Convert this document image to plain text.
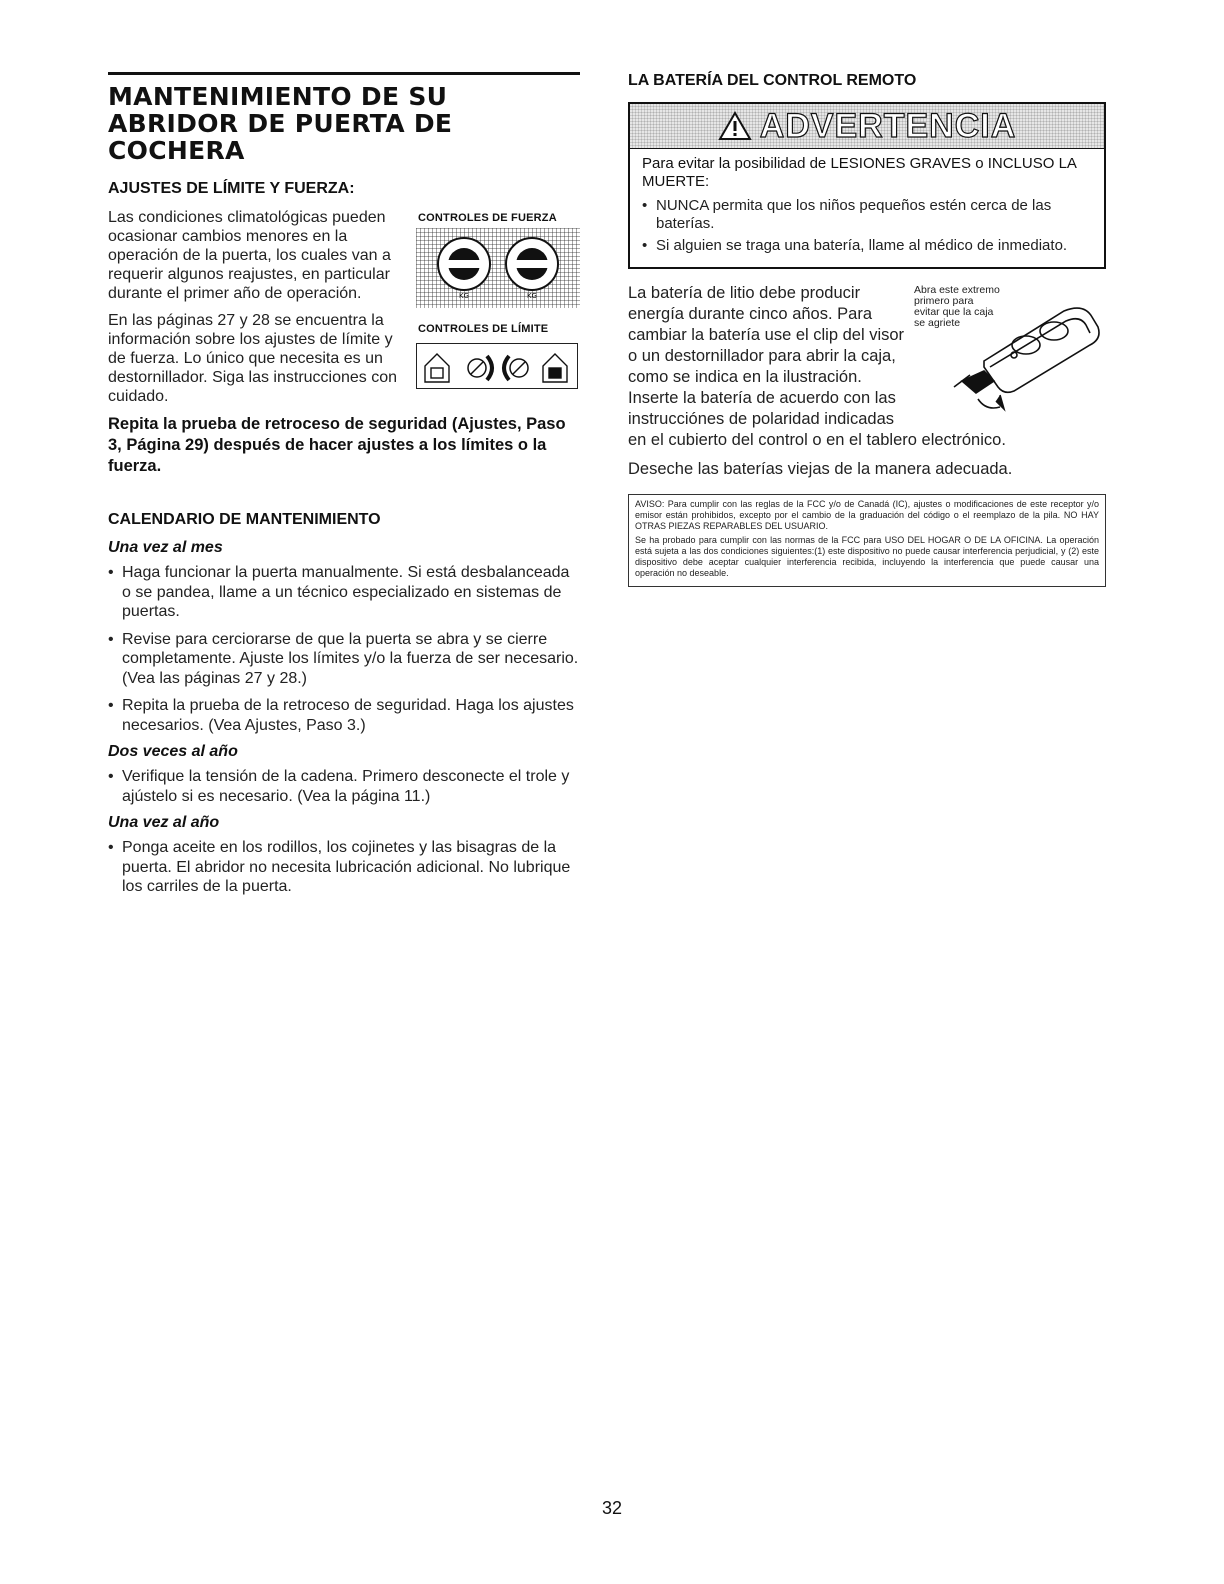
MANTENIMIENTO DE SU ABRIDOR DE PUERTA DE COCHERA
AJUSTES DE LÍMITE Y FUERZA:
CONTROLES DE FUERZA
KG	KG
CONTROLES DE LÍMITE

Las condiciones climatológicas pueden ocasionar cambios menores en la operación de la puerta, los cuales van a requerir algunos reajustes, en particular durante el primer año de operación.

En las páginas 27 y 28 se encuentra la información sobre los ajustes de límite y de fuerza. Lo único que necesita es un destornillador. Siga las instrucciones con cuidado.

Repita la prueba de retroceso de seguridad (Ajustes, Paso 3, Página 29) después de hacer ajustes a los límites o la fuerza.

CALENDARIO DE MANTENIMIENTO
Una vez al mes
• Haga funcionar la puerta manualmente. Si está desbalanceada o se pandea, llame a un técnico especializado en sistemas de puertas.
• Revise para cerciorarse de que la puerta se abra y se cierre completamente. Ajuste los límites y/o la fuerza de ser necesario. (Vea las páginas 27 y 28.)
• Repita la prueba de la retroceso de seguridad. Haga los ajustes necesarios. (Vea Ajustes, Paso 3.)
Dos veces al año
• Verifique la tensión de la cadena. Primero desconecte el trole y ajústelo si es necesario. (Vea la página 11.)
Una vez al año
• Ponga aceite en los rodillos, los cojinetes y las bisagras de la puerta. El abridor no necesita lubricación adicional. No lubrique los carriles de la puerta.
LA BATERÍA DEL CONTROL REMOTO
ADVERTENCIA

Para evitar la posibilidad de LESIONES GRAVES o INCLUSO LA MUERTE:

• NUNCA permita que los niños pequeños estén cerca de las baterías.
• Si alguien se traga una batería, llame al médico de inmediato.
Abra este extremo primero para evitar que la caja se agriete

La batería de litio debe producir energía durante cinco años. Para cambiar la batería use el clip del visor o un destornillador para abrir la caja, como se indica en la ilustración. Inserte la batería de acuerdo con las instrucciónes de polaridad indicadas en el cubierto del control o en el tablero electrónico.

Deseche las baterías viejas de la manera adecuada.

AVISO: Para cumplir con las reglas de la FCC y/o de Canadá (IC), ajustes o modificaciones de este receptor y/o emisor están prohibidos, excepto por el cambio de la graduación del código o el reemplazo de la pila. NO HAY OTRAS PIEZAS REPARABLES DEL USUARIO.

Se ha probado para cumplir con las normas de la FCC para USO DEL HOGAR O DE LA OFICINA. La operación está sujeta a las dos condiciones siguientes:(1) este dispositivo no puede causar interferencia perjudicial, y (2) este dispositivo debe aceptar cualquier interferencia recibida, incluyendo la interferencia que puede causar una operación no deseable.

32
